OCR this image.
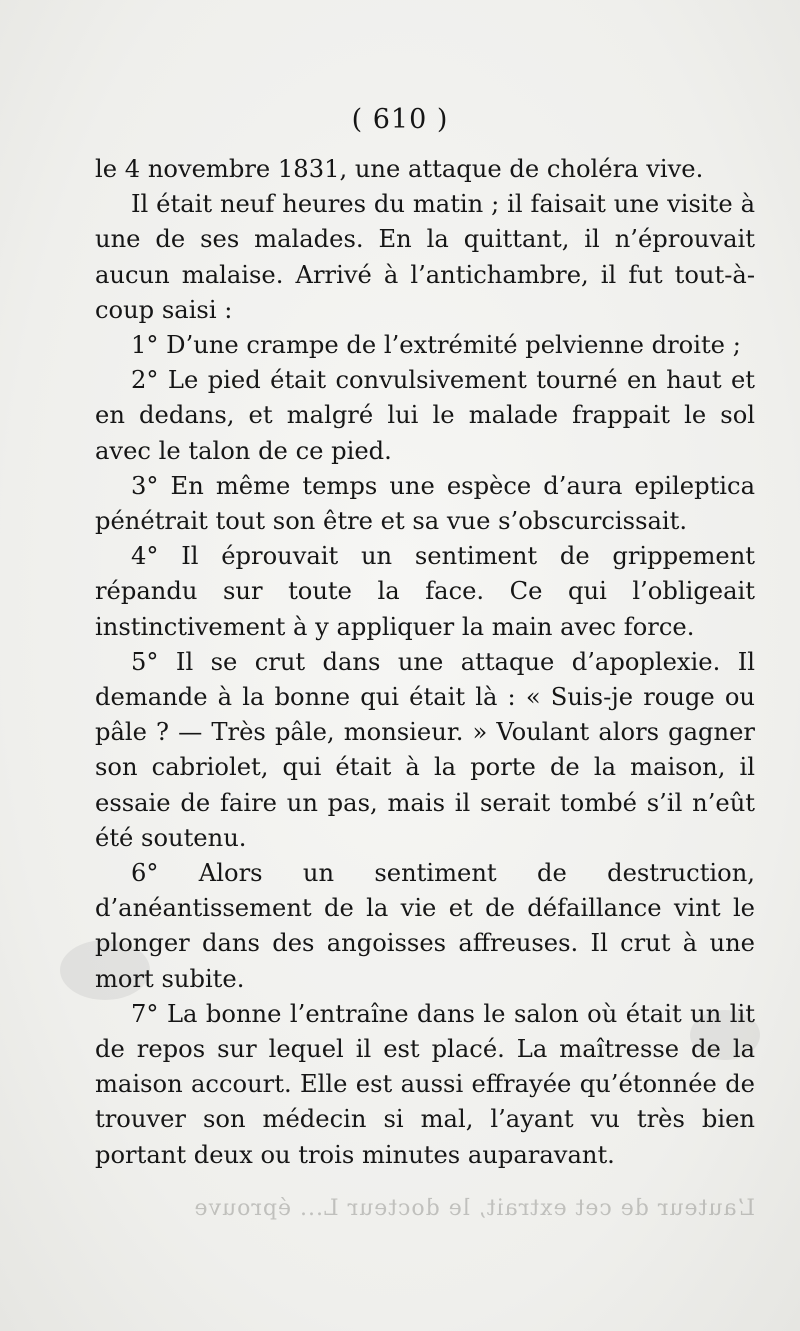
( 610 )

le 4 novembre 1831, une attaque de choléra vive.

Il était neuf heures du matin ; il faisait une visite à une de ses malades. En la quittant, il n’éprouvait aucun malaise. Arrivé à l’antichambre, il fut tout-à-coup saisi :

1° D’une crampe de l’extrémité pelvienne droite ;

2° Le pied était convulsivement tourné en haut et en dedans, et malgré lui le malade frappait le sol avec le talon de ce pied.

3° En même temps une espèce d’aura epileptica pénétrait tout son être et sa vue s’obscurcissait.

4° Il éprouvait un sentiment de grippement répandu sur toute la face. Ce qui l’obligeait instinctivement à y appliquer la main avec force.

5° Il se crut dans une attaque d’apoplexie. Il demande à la bonne qui était là : « Suis-je rouge ou pâle ? — Très pâle, monsieur. » Voulant alors gagner son cabriolet, qui était à la porte de la maison, il essaie de faire un pas, mais il serait tombé s’il n’eût été soutenu.

6° Alors un sentiment de destruction, d’anéantissement de la vie et de défaillance vint le plonger dans des angoisses affreuses. Il crut à une mort subite.

7° La bonne l’entraîne dans le salon où était un lit de repos sur lequel il est placé. La maîtresse de la maison accourt. Elle est aussi effrayée qu’étonnée de trouver son médecin si mal, l’ayant vu très bien portant deux ou trois minutes auparavant.

L’auteur de cet extrait, le docteur L... éprouve
